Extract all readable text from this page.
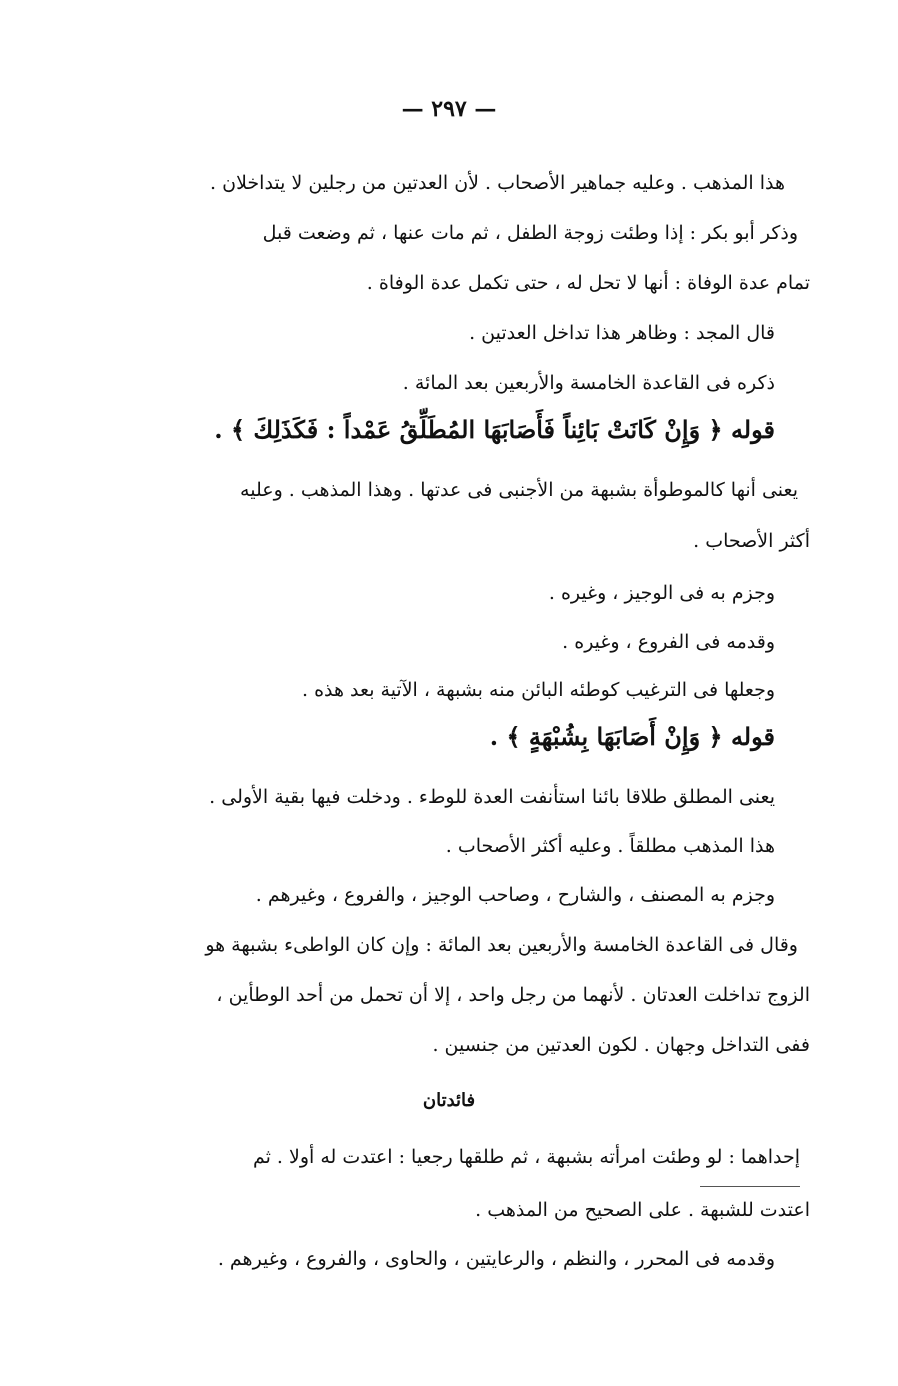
— ٢٩٧ —
هذا المذهب . وعليه جماهير الأصحاب . لأن العدتين من رجلين لا يتداخلان .
وذكر أبو بكر : إذا وطئت زوجة الطفل ، ثم مات عنها ، ثم وضعت قبل
تمام عدة الوفاة : أنها لا تحل له ، حتى تكمل عدة الوفاة .
قال المجد : وظاهر هذا تداخل العدتين .
ذكره فى القاعدة الخامسة والأربعين بعد المائة .
قوله ﴿ وَإِنْ كَانَتْ بَائِناً فَأَصَابَهَا المُطَلِّقُ عَمْداً : فَكَذَلِكَ ﴾ .
يعنى أنها كالموطوأة بشبهة من الأجنبى فى عدتها . وهذا المذهب . وعليه
أكثر الأصحاب .
وجزم به فى الوجيز ، وغيره .
وقدمه فى الفروع ، وغيره .
وجعلها فى الترغيب كوطئه البائن منه بشبهة ، الآتية بعد هذه .
قوله ﴿ وَإِنْ أَصَابَهَا بِشُبْهَةٍ ﴾ .
يعنى المطلق طلاقا بائنا استأنفت العدة للوطء . ودخلت فيها بقية الأولى .
هذا المذهب مطلقاً . وعليه أكثر الأصحاب .
وجزم به المصنف ، والشارح ، وصاحب الوجيز ، والفروع ، وغيرهم .
وقال فى القاعدة الخامسة والأربعين بعد المائة : وإن كان الواطىء بشبهة هو
الزوج تداخلت العدتان . لأنهما من رجل واحد ، إلا أن تحمل من أحد الوطأين ،
ففى التداخل وجهان . لكون العدتين من جنسين .
فائدتان
إحداهما : لو وطئت امرأته بشبهة ، ثم طلقها رجعيا : اعتدت له أولا . ثم
اعتدت للشبهة . على الصحيح من المذهب .
وقدمه فى المحرر ، والنظم ، والرعايتين ، والحاوى ، والفروع ، وغيرهم .
